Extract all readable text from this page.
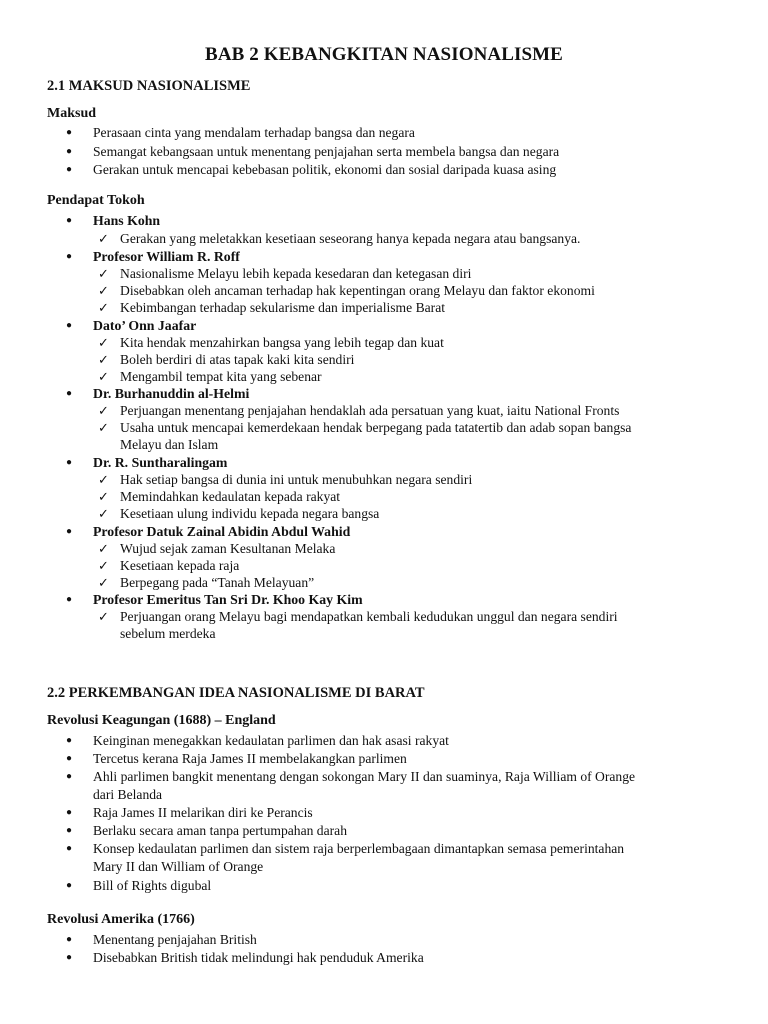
BAB 2 KEBANGKITAN NASIONALISME
2.1 MAKSUD NASIONALISME
Maksud
● Perasaan cinta yang mendalam terhadap bangsa dan negara
● Semangat kebangsaan untuk menentang penjajahan serta membela bangsa dan negara
● Gerakan untuk mencapai kebebasan politik, ekonomi dan sosial daripada kuasa asing
Pendapat Tokoh
● Hans Kohn
✓ Gerakan yang meletakkan kesetiaan seseorang hanya kepada negara atau bangsanya.
● Profesor William R. Roff
✓ Nasionalisme Melayu lebih kepada kesedaran dan ketegasan diri
✓ Disebabkan oleh ancaman terhadap hak kepentingan orang Melayu dan faktor ekonomi
✓ Kebimbangan terhadap sekularisme dan imperialisme Barat
● Dato’ Onn Jaafar
✓ Kita hendak menzahirkan bangsa yang lebih tegap dan kuat
✓ Boleh berdiri di atas tapak kaki kita sendiri
✓ Mengambil tempat kita yang sebenar
● Dr. Burhanuddin al-Helmi
✓ Perjuangan menentang penjajahan hendaklah ada persatuan yang kuat, iaitu National Fronts
✓ Usaha untuk mencapai kemerdekaan hendak berpegang pada tatatertib dan adab sopan bangsa
Melayu dan Islam
● Dr. R. Suntharalingam
✓ Hak setiap bangsa di dunia ini untuk menubuhkan negara sendiri
✓ Memindahkan kedaulatan kepada rakyat
✓ Kesetiaan ulung individu kepada negara bangsa
● Profesor Datuk Zainal Abidin Abdul Wahid
✓ Wujud sejak zaman Kesultanan Melaka
✓ Kesetiaan kepada raja
✓ Berpegang pada “Tanah Melayuan”
● Profesor Emeritus Tan Sri Dr. Khoo Kay Kim
✓ Perjuangan orang Melayu bagi mendapatkan kembali kedudukan unggul dan negara sendiri
sebelum merdeka
2.2 PERKEMBANGAN IDEA NASIONALISME DI BARAT
Revolusi Keagungan (1688) – England
● Keinginan menegakkan kedaulatan parlimen dan hak asasi rakyat
● Tercetus kerana Raja James II membelakangkan parlimen
● Ahli parlimen bangkit menentang dengan sokongan Mary II dan suaminya, Raja William of Orange
dari Belanda
● Raja James II melarikan diri ke Perancis
● Berlaku secara aman tanpa pertumpahan darah
● Konsep kedaulatan parlimen dan sistem raja berperlembagaan dimantapkan semasa pemerintahan
Mary II dan William of Orange
● Bill of Rights digubal
Revolusi Amerika (1766)
● Menentang penjajahan British
● Disebabkan British tidak melindungi hak penduduk Amerika
